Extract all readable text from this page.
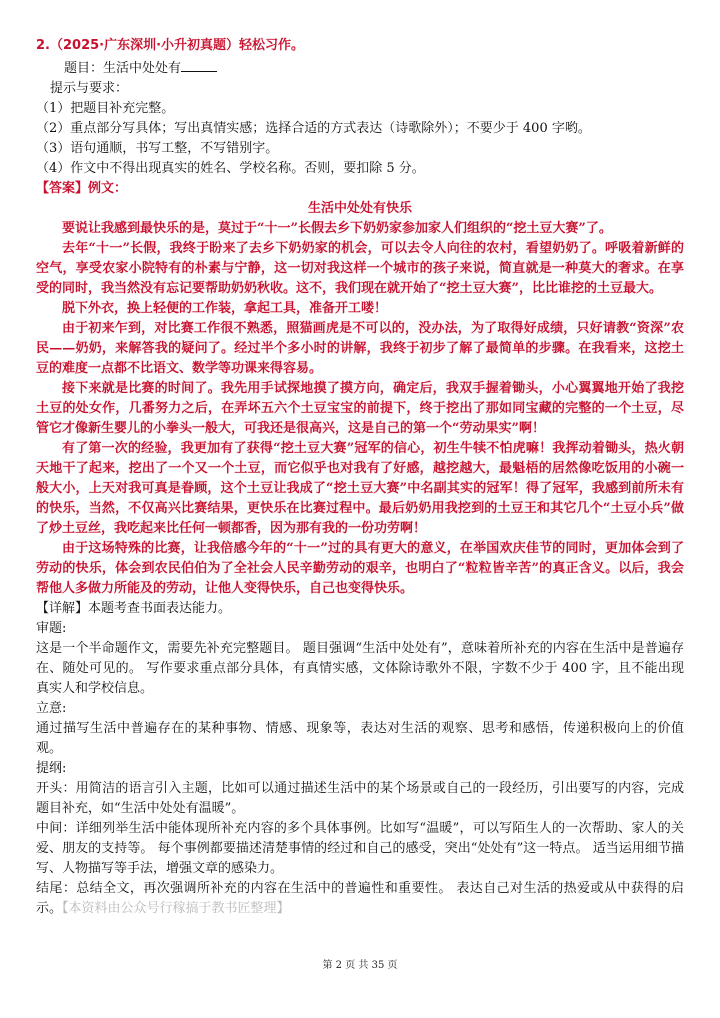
2.（2025·广东深圳·小升初真题）轻松习作。
题目：生活中处处有
提示与要求：
（1）把题目补充完整。
（2）重点部分写具体；写出真情实感；选择合适的方式表达（诗歌除外）；不要少于 400 字哟。
（3）语句通顺，书写工整，不写错别字。
（4）作文中不得出现真实的姓名、学校名称。否则，要扣除 5 分。
【答案】例文：
生活中处处有快乐

要说让我感到最快乐的是，莫过于“十一”长假去乡下奶奶家参加家人们组织的“挖土豆大赛”了。

去年“十一”长假，我终于盼来了去乡下奶奶家的机会，可以去令人向往的农村，看望奶奶了。呼吸着新鲜的空气，享受农家小院特有的朴素与宁静，这一切对我这样一个城市的孩子来说，简直就是一种莫大的奢求。在享受的同时，我当然没有忘记要帮助奶奶秋收。这不，我们现在就开始了“挖土豆大赛”，比比谁挖的土豆最大。

脱下外衣，换上轻便的工作装，拿起工具，准备开工喽！

由于初来乍到，对比赛工作很不熟悉，照猫画虎是不可以的，没办法，为了取得好成绩，只好请教“资深”农民——奶奶，来解答我的疑问了。经过半个多小时的讲解，我终于初步了解了最简单的步骤。在我看来，这挖土豆的难度一点都不比语文、数学等功课来得容易。

接下来就是比赛的时间了。我先用手试探地摸了摸方向，确定后，我双手握着锄头，小心翼翼地开始了我挖土豆的处女作，几番努力之后，在弄坏五六个土豆宝宝的前提下，终于挖出了那如同宝藏的完整的一个土豆，尽管它才像新生婴儿的小拳头一般大，可我还是很高兴，这是自己的第一个“劳动果实”啊！

有了第一次的经验，我更加有了获得“挖土豆大赛”冠军的信心，初生牛犊不怕虎嘛！我挥动着锄头，热火朝天地干了起来，挖出了一个又一个土豆，而它似乎也对我有了好感，越挖越大，最魁梧的居然像吃饭用的小碗一般大小，上天对我可真是眷顾，这个土豆让我成了“挖土豆大赛”中名副其实的冠军！得了冠军，我感到前所未有的快乐，当然，不仅高兴比赛结果，更快乐在比赛过程中。最后奶奶用我挖到的土豆王和其它几个“土豆小兵”做了炒土豆丝，我吃起来比任何一顿都香，因为那有我的一份功劳啊！

由于这场特殊的比赛，让我倍感今年的“十一”过的具有更大的意义，在举国欢庆佳节的同时，更加体会到了劳动的快乐，体会到农民伯伯为了全社会人民辛勤劳动的艰辛，也明白了“粒粒皆辛苦”的真正含义。以后，我会帮他人多做力所能及的劳动，让他人变得快乐，自己也变得快乐。

【详解】本题考查书面表达能力。

审题:

这是一个半命题作文，需要先补充完整题目。 题目强调“生活中处处有”，意味着所补充的内容在生活中是普遍存在、随处可见的。 写作要求重点部分具体，有真情实感，文体除诗歌外不限，字数不少于 400 字，且不能出现真实人和学校信息。

立意:

通过描写生活中普遍存在的某种事物、情感、现象等，表达对生活的观察、思考和感悟，传递积极向上的价值观。

提纲:

开头：用简洁的语言引入主题，比如可以通过描述生活中的某个场景或自己的一段经历，引出要写的内容，完成题目补充，如“生活中处处有温暖”。

中间：详细列举生活中能体现所补充内容的多个具体事例。比如写“温暖”，可以写陌生人的一次帮助、家人的关爱、朋友的支持等。 每个事例都要描述清楚事情的经过和自己的感受，突出“处处有”这一特点。 适当运用细节描写、人物描写等手法，增强文章的感染力。

结尾：总结全文，再次强调所补充的内容在生活中的普遍性和重要性。 表达自己对生活的热爱或从中获得的启示。【本资料由公众号行稼搞于教书匠整理】

第 2 页 共 35 页
